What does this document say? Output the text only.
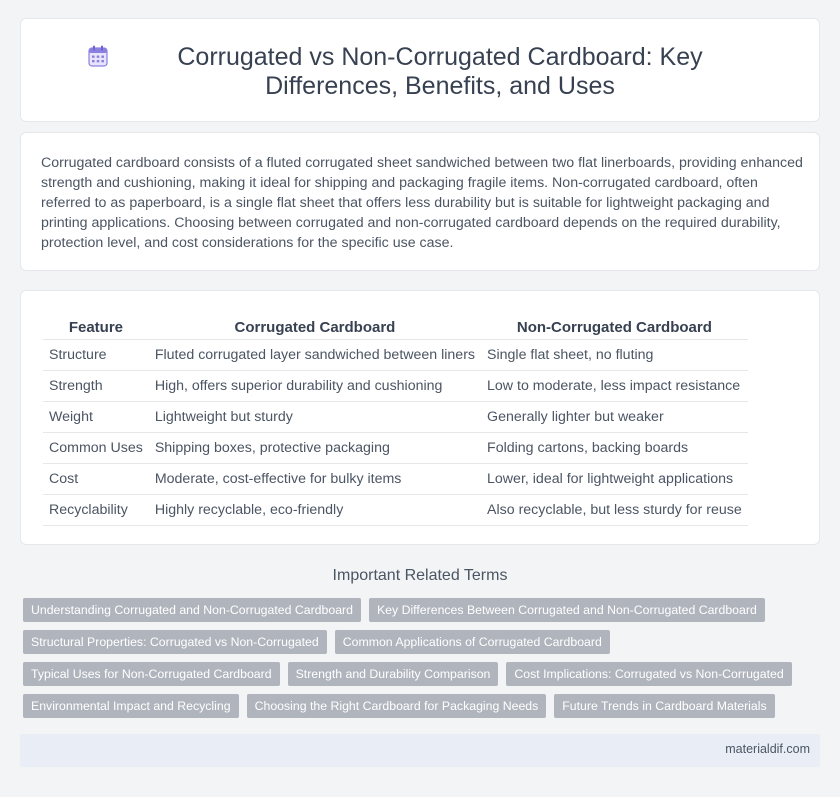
Corrugated vs Non-Corrugated Cardboard: Key Differences, Benefits, and Uses

Corrugated cardboard consists of a fluted corrugated sheet sandwiched between two flat linerboards, providing enhanced strength and cushioning, making it ideal for shipping and packaging fragile items. Non-corrugated cardboard, often referred to as paperboard, is a single flat sheet that offers less durability but is suitable for lightweight packaging and printing applications. Choosing between corrugated and non-corrugated cardboard depends on the required durability, protection level, and cost considerations for the specific use case.

Feature	Corrugated Cardboard	Non-Corrugated Cardboard
Structure	Fluted corrugated layer sandwiched between liners	Single flat sheet, no fluting
Strength	High, offers superior durability and cushioning	Low to moderate, less impact resistance
Weight	Lightweight but sturdy	Generally lighter but weaker
Common Uses	Shipping boxes, protective packaging	Folding cartons, backing boards
Cost	Moderate, cost-effective for bulky items	Lower, ideal for lightweight applications
Recyclability	Highly recyclable, eco-friendly	Also recyclable, but less sturdy for reuse
Important Related Terms
Understanding Corrugated and Non-Corrugated Cardboard	Key Differences Between Corrugated and Non-Corrugated Cardboard
Structural Properties: Corrugated vs Non-Corrugated	Common Applications of Corrugated Cardboard
Typical Uses for Non-Corrugated Cardboard	Strength and Durability Comparison	Cost Implications: Corrugated vs Non-Corrugated
Environmental Impact and Recycling	Choosing the Right Cardboard for Packaging Needs	Future Trends in Cardboard Materials
materialdif.com
